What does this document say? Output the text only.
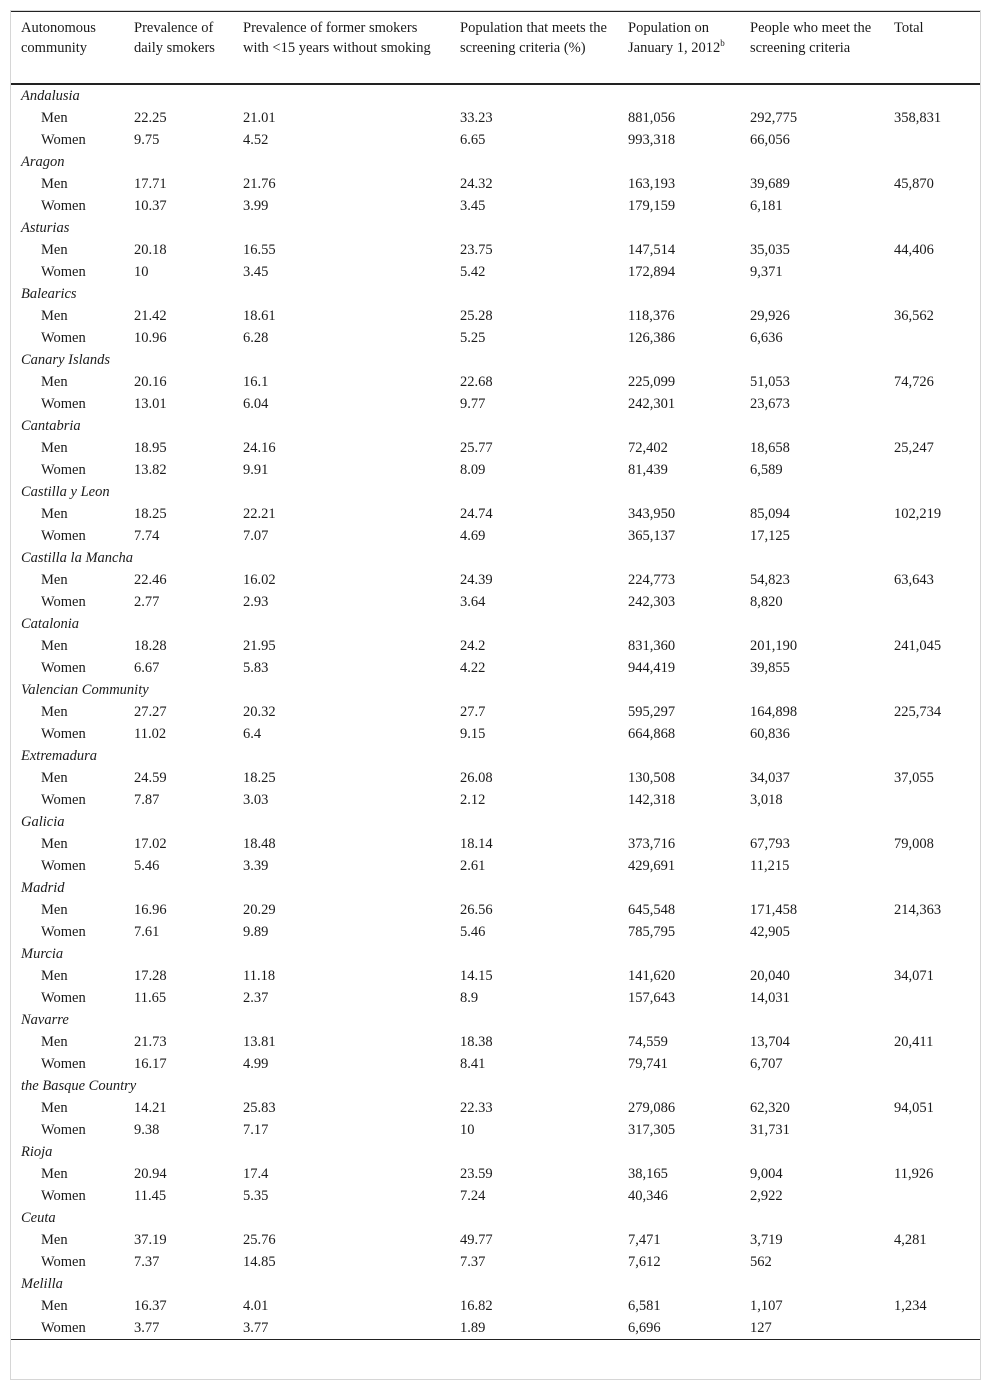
Autonomous community	Prevalence of daily smokers	Prevalence of former smokers with <15 years without smoking	Population that meets the screening criteria (%)	Population on January 1, 2012$^b$	People who meet the screening criteria	Total
Andalusia						
Men	22.25	21.01	33.23	881,056	292,775	358,831
Women	9.75	4.52	6.65	993,318	66,056	
Aragon						
Men	17.71	21.76	24.32	163,193	39,689	45,870
Women	10.37	3.99	3.45	179,159	6,181	
Asturias						
Men	20.18	16.55	23.75	147,514	35,035	44,406
Women	10	3.45	5.42	172,894	9,371	
Balearics						
Men	21.42	18.61	25.28	118,376	29,926	36,562
Women	10.96	6.28	5.25	126,386	6,636	
Canary Islands						
Men	20.16	16.1	22.68	225,099	51,053	74,726
Women	13.01	6.04	9.77	242,301	23,673	
Cantabria						
Men	18.95	24.16	25.77	72,402	18,658	25,247
Women	13.82	9.91	8.09	81,439	6,589	
Castilla y Leon						
Men	18.25	22.21	24.74	343,950	85,094	102,219
Women	7.74	7.07	4.69	365,137	17,125	
Castilla la Mancha						
Men	22.46	16.02	24.39	224,773	54,823	63,643
Women	2.77	2.93	3.64	242,303	8,820	
Catalonia						
Men	18.28	21.95	24.2	831,360	201,190	241,045
Women	6.67	5.83	4.22	944,419	39,855	
Valencian Community						
Men	27.27	20.32	27.7	595,297	164,898	225,734
Women	11.02	6.4	9.15	664,868	60,836	
Extremadura						
Men	24.59	18.25	26.08	130,508	34,037	37,055
Women	7.87	3.03	2.12	142,318	3,018	
Galicia						
Men	17.02	18.48	18.14	373,716	67,793	79,008
Women	5.46	3.39	2.61	429,691	11,215	
Madrid						
Men	16.96	20.29	26.56	645,548	171,458	214,363
Women	7.61	9.89	5.46	785,795	42,905	
Murcia						
Men	17.28	11.18	14.15	141,620	20,040	34,071
Women	11.65	2.37	8.9	157,643	14,031	
Navarre						
Men	21.73	13.81	18.38	74,559	13,704	20,411
Women	16.17	4.99	8.41	79,741	6,707	
the Basque Country						
Men	14.21	25.83	22.33	279,086	62,320	94,051
Women	9.38	7.17	10	317,305	31,731	
Rioja						
Men	20.94	17.4	23.59	38,165	9,004	11,926
Women	11.45	5.35	7.24	40,346	2,922	
Ceuta						
Men	37.19	25.76	49.77	7,471	3,719	4,281
Women	7.37	14.85	7.37	7,612	562	
Melilla						
Men	16.37	4.01	16.82	6,581	1,107	1,234
Women	3.77	3.77	1.89	6,696	127	
